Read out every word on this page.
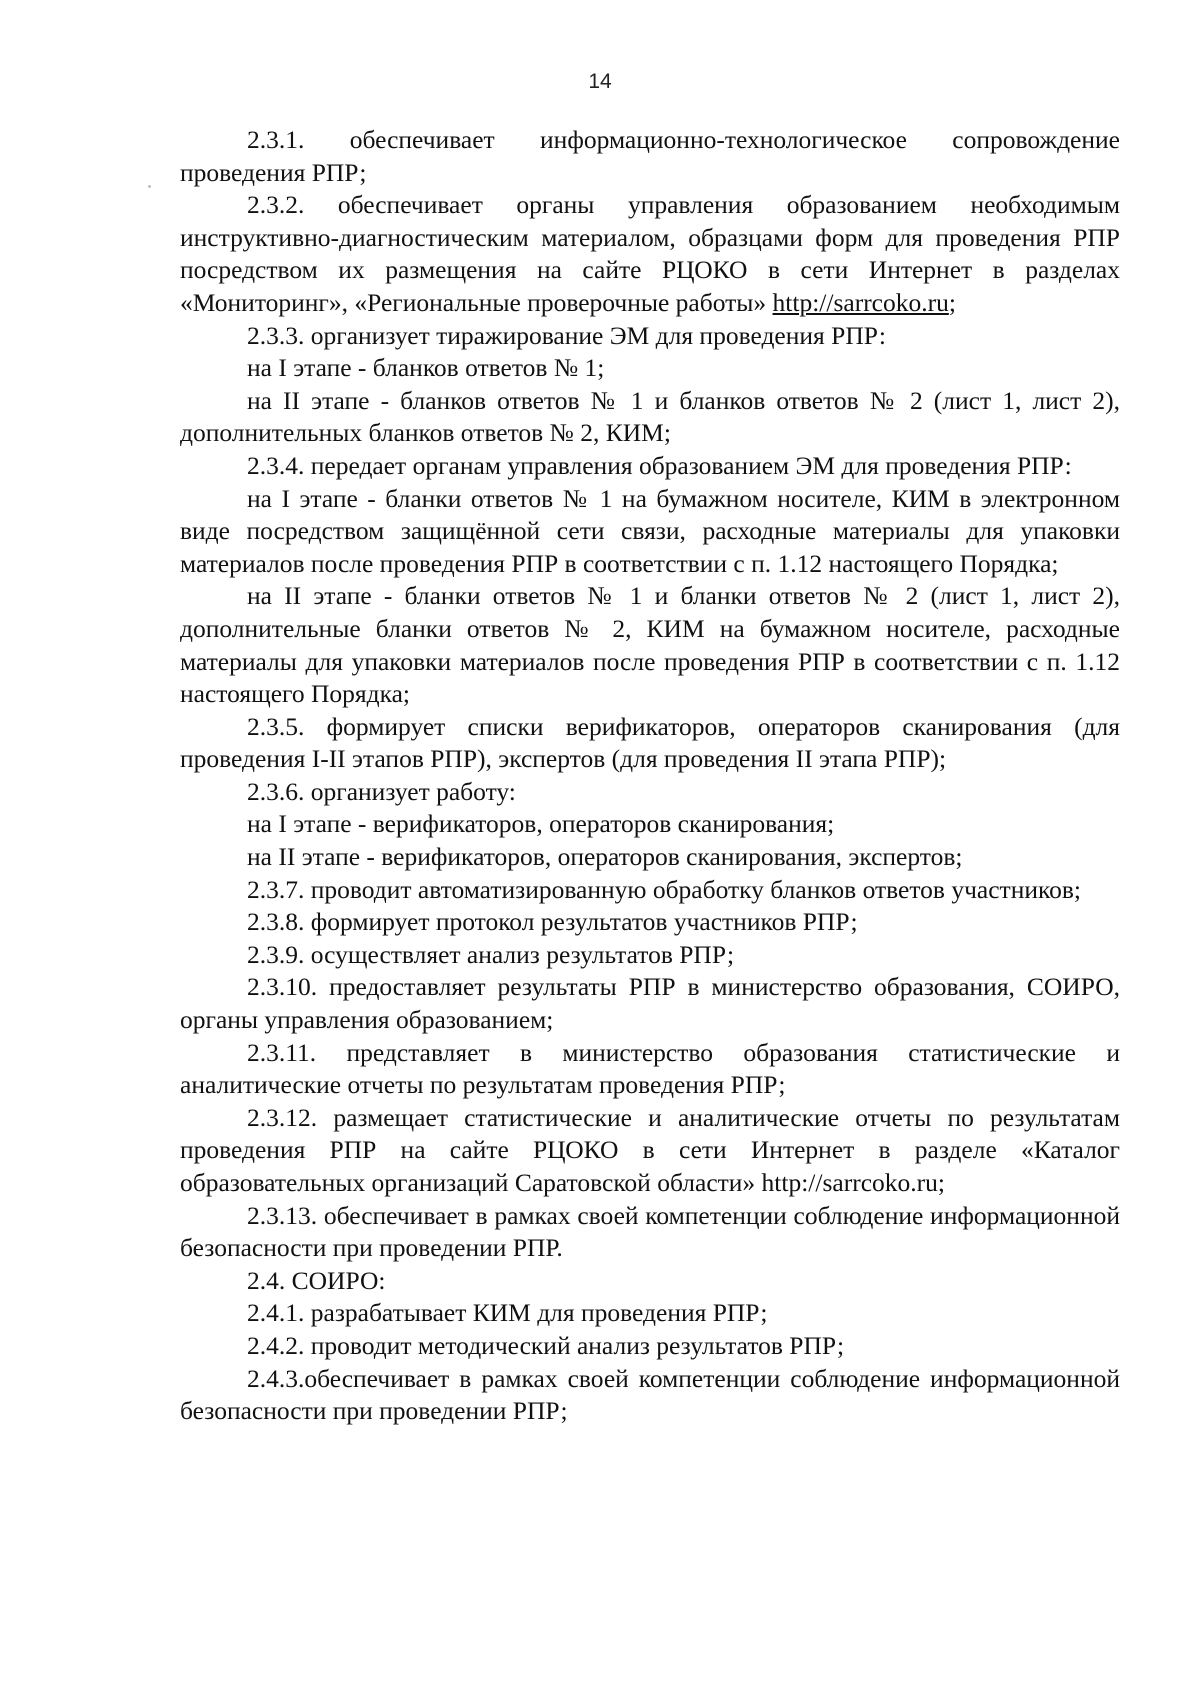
14

2.3.1. обеспечивает информационно-технологическое сопровождение проведения РПР;

2.3.2. обеспечивает органы управления образованием необходимым инструктивно-диагностическим материалом, образцами форм для проведения РПР посредством их размещения на сайте РЦОКО в сети Интернет в разделах «Мониторинг», «Региональные проверочные работы» http://sarrcoko.ru;

2.3.3. организует тиражирование ЭМ для проведения РПР:

на I этапе - бланков ответов № 1;

на II этапе - бланков ответов № 1 и бланков ответов № 2 (лист 1, лист 2), дополнительных бланков ответов № 2, КИМ;

2.3.4. передает органам управления образованием ЭМ для проведения РПР:

на I этапе - бланки ответов № 1 на бумажном носителе, КИМ в электронном виде посредством защищённой сети связи, расходные материалы для упаковки материалов после проведения РПР в соответствии с п. 1.12 настоящего Порядка;

на II этапе - бланки ответов № 1 и бланки ответов № 2 (лист 1, лист 2), дополнительные бланки ответов № 2, КИМ на бумажном носителе, расходные материалы для упаковки материалов после проведения РПР в соответствии с п. 1.12 настоящего Порядка;

2.3.5. формирует списки верификаторов, операторов сканирования (для проведения I-II этапов РПР), экспертов (для проведения II этапа РПР);

2.3.6. организует работу:

на I этапе - верификаторов, операторов сканирования;

на II этапе - верификаторов, операторов сканирования, экспертов;

2.3.7. проводит автоматизированную обработку бланков ответов участников;

2.3.8. формирует протокол результатов участников РПР;

2.3.9. осуществляет анализ результатов РПР;

2.3.10. предоставляет результаты РПР в министерство образования, СОИРО, органы управления образованием;

2.3.11. представляет в министерство образования статистические и аналитические отчеты по результатам проведения РПР;

2.3.12. размещает статистические и аналитические отчеты по результатам проведения РПР на сайте РЦОКО в сети Интернет в разделе «Каталог образовательных организаций Саратовской области» http://sarrcoko.ru;

2.3.13. обеспечивает в рамках своей компетенции соблюдение информационной безопасности при проведении РПР.

2.4. СОИРО:

2.4.1. разрабатывает КИМ для проведения РПР;

2.4.2. проводит методический анализ результатов РПР;

2.4.3.обеспечивает в рамках своей компетенции соблюдение информационной безопасности при проведении РПР;
